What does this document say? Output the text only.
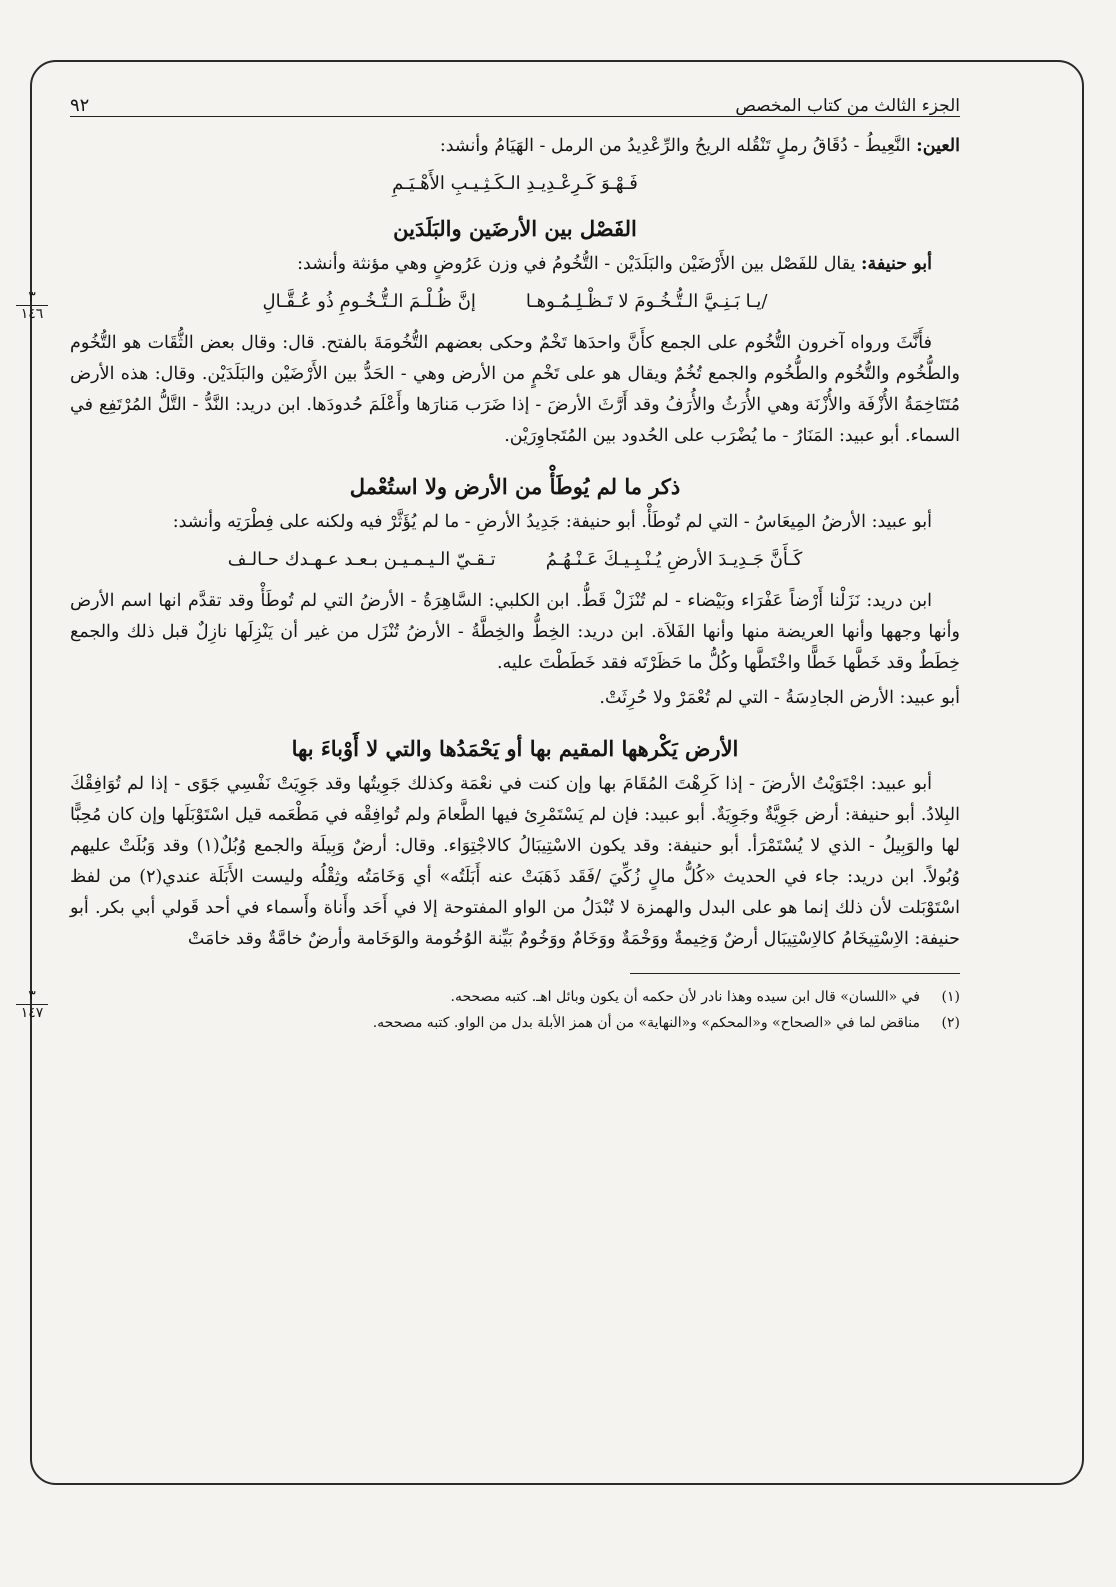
الجزء الثالث من كتاب المخصص
٩٢

العين: النَّعِيطُ - دُقَاقُ رملٍ تَنْقُله الريحُ والرِّعْدِيدُ من الرمل - الهَيَامُ وأنشد:

فَـهْـوَ كَـرِعْـدِيـدِ الـكَـثِـيـبِ الأَهْـيَـمِ
الفَصْل بين الأرضَين والبَلَدَين

أبو حنيفة: يقال للفَصْل بين الأَرْضَيْن والبَلَدَيْن - التُّخُومُ في وزن عَرُوضٍ وهي مؤنثة وأنشد:

/يـا بَـنِـيَّ الـتُّـخُـومَ لا تَـظْـلِـمُـوهـا
إنَّ ظُـلْـمَ الـتُّـخُـومِ ذُو عُـقَّـالِ
٣
١٤٦

فأَنَّثَ ورواه آخرون التُّخُوم على الجمع كأَنَّ واحدَها تَخْمٌ وحكى بعضهم التُّخُومَةَ بالفتح. قال: وقال بعض الثُّقَات هو التُّخُوم والطُّخُوم والتُّخُوم والطُّخُوم والجمع تُخُمٌ ويقال هو على تَخْمٍ من الأرض وهي - الحَدُّ بين الأَرْضَيْن والبَلَدَيْن. وقال: هذه الأرض مُتَتَاخِمَةُ الأُزْفَة والأُزْنَة وهي الأُرَثُ والأُرَفُ وقد أَرَّثَ الأرضَ - إذا ضَرَب مَنارَها وأَعْلَمَ حُدودَها. ابن دريد: النَّدُّ - التَّلُّ المُرْتَفِع في السماء. أبو عبيد: المَنَارُ - ما يُضْرَب على الحُدود بين المُتَجاوِرَيْن.

ذكر ما لم يُوطَأْ من الأرض ولا استُعْمل

أبو عبيد: الأرضُ المِيعَاسُ - التي لم تُوطَأْ. أبو حنيفة: جَدِيدُ الأرضِ - ما لم يُؤَثَّرْ فيه ولكنه على فِطْرَتِه وأنشد:

كَـأَنَّ جَـدِيـدَ الأرضِ يُـنْـبِـيـكَ عَـنْـهُـمُ
تـقـيّ الـيـمـيـن بـعـد عـهـدك حـالـف

ابن دريد: نَزَلْنا أَرْضاً عَفْرَاء وبَيْضاء - لم تُنْزَلْ قَطُّ. ابن الكلبي: السَّاهِرَةُ - الأرضُ التي لم تُوطَأْ وقد تقدَّم انها اسم الأرض وأنها وجهها وأنها العريضة منها وأنها الفَلاَة. ابن دريد: الخِطُّ والخِطَّةُ - الأرضُ تُنْزَل من غير أن يَنْزِلَها نازِلٌ قبل ذلك والجمع خِطَطٌ وقد خَطَّها خَطًّا واخْتَطَّها وكُلُّ ما حَظَرْتَه فقد خَطَطْتَ عليه.

أبو عبيد: الأرض الجادِسَةُ - التي لم تُعْمَرْ ولا حُرِثَتْ.

الأرض يَكْرهها المقيم بها أو يَحْمَدُها والتي لا أَوْباءَ بها

أبو عبيد: اجْتَوَيْتُ الأرضَ - إذا كَرِهْتَ المُقَامَ بها وإن كنت في نعْمَة وكذلك جَوِيتُها وقد جَوِيَتْ نَفْسِي جَوًى - إذا لم تُوَافِقْكَ البِلادُ. أبو حنيفة: أرض جَوِيَّةٌ وجَوِيَةٌ. أبو عبيد: فإن لم يَسْتَمْرِئ فيها الطَّعامَ ولم تُوافِقْه في مَطْعَمه قيل اسْتَوْبَلَها وإن كان مُحِبًّا لها والوَبِيلُ - الذي لا يُسْتَمْرَأ. أبو حنيفة: وقد يكون الاسْتِيبَالُ كالاجْتِوَاء. وقال: أرضٌ وَبِيلَة والجمع وُبُلٌ(١) وقد وَبُلَتْ عليهم وُبُولاً. ابن دريد: جاء في الحديث «كُلُّ مالٍ زُكِّيَ /فَقَد ذَهَبَتْ عنه أَبَلَتُه» أي وَخَامَتُه وثِقْلُه وليست الأَبَلَة عندي(٢) من لفظ اسْتَوْبَلت لأن ذلك إنما هو على البدل والهمزة لا تُبْدَلُ من الواو المفتوحة إلا في أَحَد وأَناة وأَسماء في أحد قَولي أبي بكر. أبو حنيفة: الاِسْتِيخَامُ كالاِسْتِيبَال أرضٌ وَخِيمةٌ ووَخْمَةٌ ووَخَامٌ ووَخُومٌ بَيِّنة الوُخُومة والوَخَامة وأرضٌ خامَّةٌ وقد خامَتْ

٣
١٤٧
(١)في «اللسان» قال ابن سيده وهذا نادر لأن حكمه أن يكون وبائل اهـ. كتبه مصححه.
(٢)مناقض لما في «الصحاح» و«المحكم» و«النهاية» من أن همز الأبلة بدل من الواو. كتبه مصححه.
